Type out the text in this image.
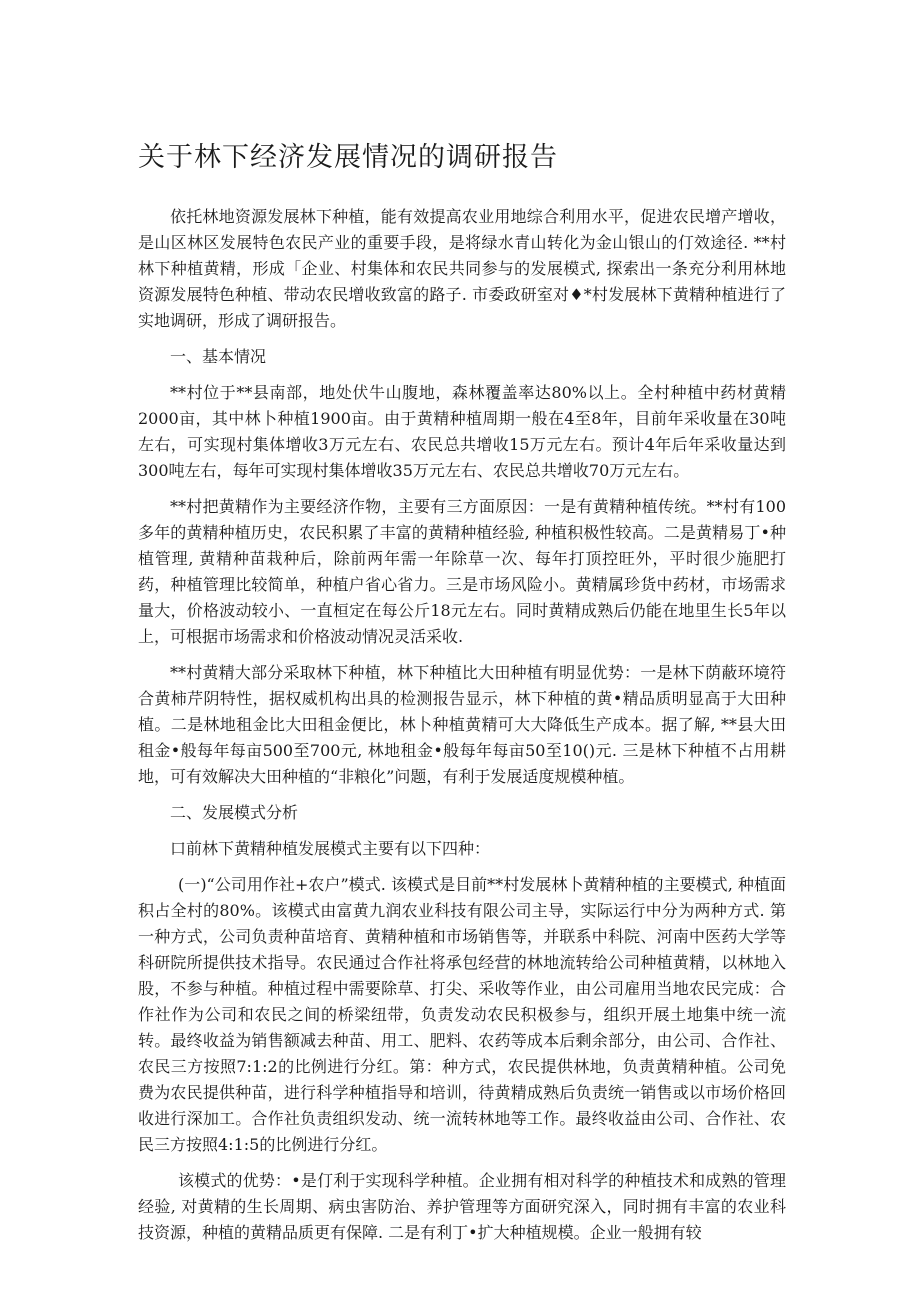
关于林下经济发展情况的调研报告

依托林地资源发展林下种植，能有效提高农业用地综合利用水平，促进农民增产增收，是山区林区发展特色农民产业的重要手段，是将绿水青山转化为金山银山的仃效途径. **村林下种植黄精，形成「企业、村集体和农民共同参与的发展模式, 探索出一条充分利用林地资源发展特色种植、带动农民增收致富的路子. 市委政研室对♦*村发展林下黄精种植进行了实地调研，形成了调研报告。

一、基本情况

**村位于**县南部，地处伏牛山腹地，森林覆盖率达80%以上。全村种植中药材黄精2000亩，其中林卜种植1900亩。由于黄精种植周期一般在4至8年，目前年采收量在30吨左右，可实现村集体增收3万元左右、农民总共增收15万元左右。预计4年后年采收量达到300吨左右，每年可实现村集体增收35万元左右、农民总共增收70万元左右。

**村把黄精作为主要经济作物，主要有三方面原因：一是有黄精种植传统。**村有100多年的黄精种植历史，农民积累了丰富的黄精种植经验, 种植积极性较高。二是黄精易丁•种植管理, 黄精种苗栽种后，除前两年需一年除草一次、每年打顶控旺外，平时很少施肥打药，种植管理比较简单，种植户省心省力。三是市场风险小。黄精属珍货中药材，市场需求量大，价格波动较小、一直桓定在每公斤18元左右。同时黄精成熟后仍能在地里生长5年以上，可根据市场需求和价格波动情况灵活采收.

**村黄精大部分采取林下种植，林下种植比大田种植有明显优势：一是林下荫蔽环境符合黄柿芹阴特性，据权威机构出具的检测报告显示，林下种植的黄•精品质明显高于大田种植。二是林地租金比大田租金便比，林卜种植黄精可大大降低生产成本。据了解, **县大田租金•般每年每亩500至700元, 林地租金•般每年每亩50至10()元. 三是林下种植不占用耕地，可有效解决大田种植的“非粮化”问题，有利于发展适度规模种植。

二、发展模式分析

口前林下黄精种植发展模式主要有以下四种：

(一)“公司用作社+农户”模式. 该模式是目前**村发展林卜黄精种植的主要模式, 种植面积占全村的80%。该模式由富黄九润农业科技有限公司主导，实际运行中分为两种方式. 第一种方式，公司负责种苗培育、黄精种植和市场销售等，并联系中科院、河南中医药大学等科研院所提供技术指导。农民通过合作社将承包经营的林地流转给公司种植黄精，以林地入股，不参与种植。种植过程中需要除草、打尖、采收等作业，由公司雇用当地农民完成：合作社作为公司和农民之间的桥梁纽带，负责发动农民积极参与，组织开展土地集中统一流转。最终收益为销售额减去种苗、用工、肥料、农药等成本后剩余部分，由公司、合作社、农民三方按照7:1:2的比例进行分红。第：种方式，农民提供林地，负责黄精种植。公司免费为农民提供种苗，进行科学种植指导和培训，待黄精成熟后负责统一销售或以市场价格回收进行深加工。合作社负责组织发动、统一流转林地等工作。最终收益由公司、合作社、农民三方按照4:1:5的比例进行分红。

该模式的优势：•是仃利于实现科学种植。企业拥有相对科学的种植技术和成熟的管理经验, 对黄精的生长周期、病虫害防治、养护管理等方面研究深入，同时拥有丰富的农业科技资源，种植的黄精品质更有保障. 二是有利丁•扩大种植规模。企业一般拥有较
